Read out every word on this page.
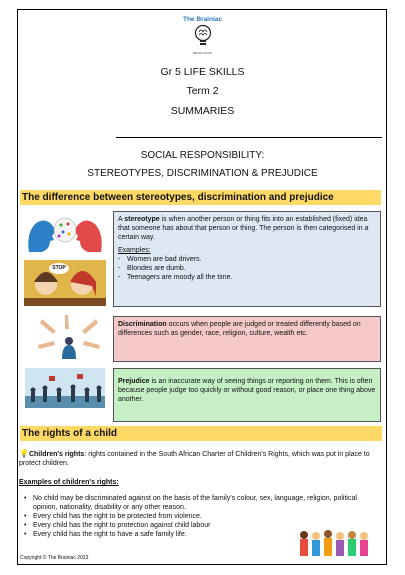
The Brainiac
BRAIN FOOD
Gr 5 LIFE SKILLS
Term 2
SUMMARIES
SOCIAL RESPONSIBILITY:
STEREOTYPES, DISCRIMINATION & PREJUDICE
The difference between stereotypes, discrimination and prejudice
STOP
A stereotype is when another person or thing fits into an established (fixed) idea that someone has about that person or thing. The person is then categorised in a certain way.
Examples:
- Women are bad drivers.
- Blondes are dumb.
- Teenagers are moody all the time.
Discrimination occurs when people are judged or treated differently based on differences such as gender, race, religion, culture, wealth etc.
Prejudice is an inaccurate way of seeing things or reporting on them. This is often because people judge too quickly or without good reason, or place one thing above another.
The rights of a child
💡Children's rights: rights contained in the South African Charter of Children's Rights, which was put in place to protect children.
Examples of children's rights:
• No child may be discriminated against on the basis of the family's colour, sex, language, religion, political opinion, nationality, disability or any other reason.
• Every child has the right to be protected from violence.
• Every child has the right to protection against child labour
• Every child has the right to have a safe family life.
Copyright © The Brainiac 2023
